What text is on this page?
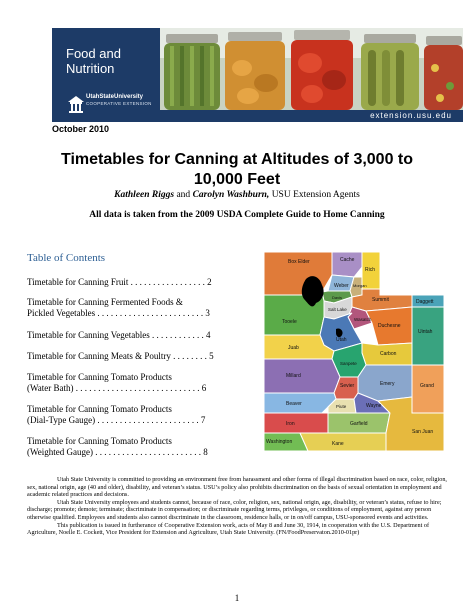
Food and
Nutrition
UtahStateUniversity
COOPERATIVE EXTENSION
extension.usu.edu
October 2010
Timetables for Canning at Altitudes of 3,000 to
10,000 Feet
Kathleen Riggs and Carolyn Washburn, USU Extension Agents
All data is taken from the 2009 USDA Complete Guide to Home Canning
Table of Contents
Timetable for Canning Fruit . . . . . . . . . . . . . . . . . 2
Timetable for Canning Fermented Foods &
Pickled Vegetables . . . . . . . . . . . . . . . . . . . . . . . . 3
Timetable for Canning Vegetables . . . . . . . . . . . . 4
Timetable for Canning Meats & Poultry . . . . . . . . 5
Timetable for Canning Tomato Products
(Water Bath) . . . . . . . . . . . . . . . . . . . . . . . . . . . . 6
Timetable for Canning Tomato Products
(Dial-Type Gauge) . . . . . . . . . . . . . . . . . . . . . . . 7
Timetable for Canning Tomato Products
(Weighted Gauge) . . . . . . . . . . . . . . . . . . . . . . . . 8
Box Elder	Cache
Rich
Weber Morgan
Davis	Summit	Daggett
Salt Lake
Wasatch
Tooele
Duchesne
Uintah
Utah
Juab
Carbon
Sanpete
Emery
Millard
Sevier	Grand
Beaver	Piute	Wayne
Iron	Garfield
San Juan
Washington	Kane

Utah State University is committed to providing an environment free from harassment and other forms of illegal discrimination based on race, color, religion, sex, national origin, age (40 and older), disability, and veteran’s status. USU’s policy also prohibits discrimination on the basis of sexual orientation in employment and academic related practices and decisions.

Utah State University employees and students cannot, because of race, color, religion, sex, national origin, age, disability, or veteran’s status, refuse to hire; discharge; promote; demote; terminate; discriminate in compensation; or discriminate regarding terms, privileges, or conditions of employment, against any person otherwise qualified. Employees and students also cannot discriminate in the classroom, residence halls, or in on/off campus, USU-sponsored events and activities.

This publication is issued in furtherance of Cooperative Extension work, acts of May 8 and June 30, 1914, in cooperation with the U.S. Department of Agriculture, Noelle E. Cockett, Vice President for Extension and Agriculture, Utah State University. (FN/FoodPreservaton.2010-01pr)

1
